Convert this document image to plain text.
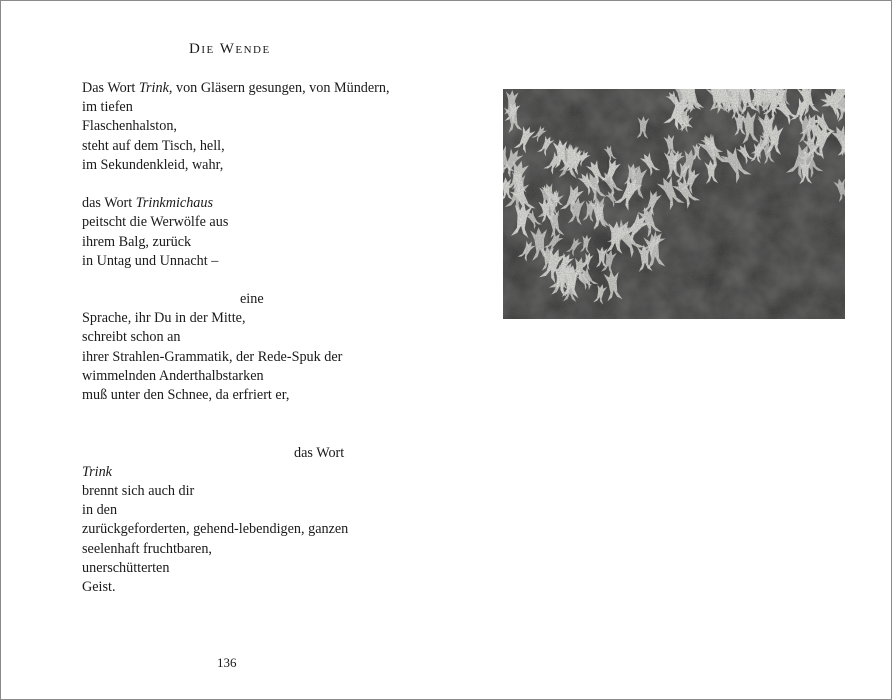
Die Wende
Das Wort Trink, von Gläsern gesungen, von Mündern,
im tiefen
Flaschenhalston,
steht auf dem Tisch, hell,
im Sekundenkleid, wahr,
das Wort Trinkmichaus
peitscht die Werwölfe aus
ihrem Balg, zurück
in Untag und Unnacht –
eine
Sprache, ihr Du in der Mitte,
schreibt schon an
ihrer Strahlen-Grammatik, der Rede-Spuk der
wimmelnden Anderthalbstarken
muß unter den Schnee, da erfriert er,
das Wort
Trink
brennt sich auch dir
in den
zurückgeforderten, gehend-lebendigen, ganzen
seelenhaft fruchtbaren,
unerschütterten
Geist.
136
